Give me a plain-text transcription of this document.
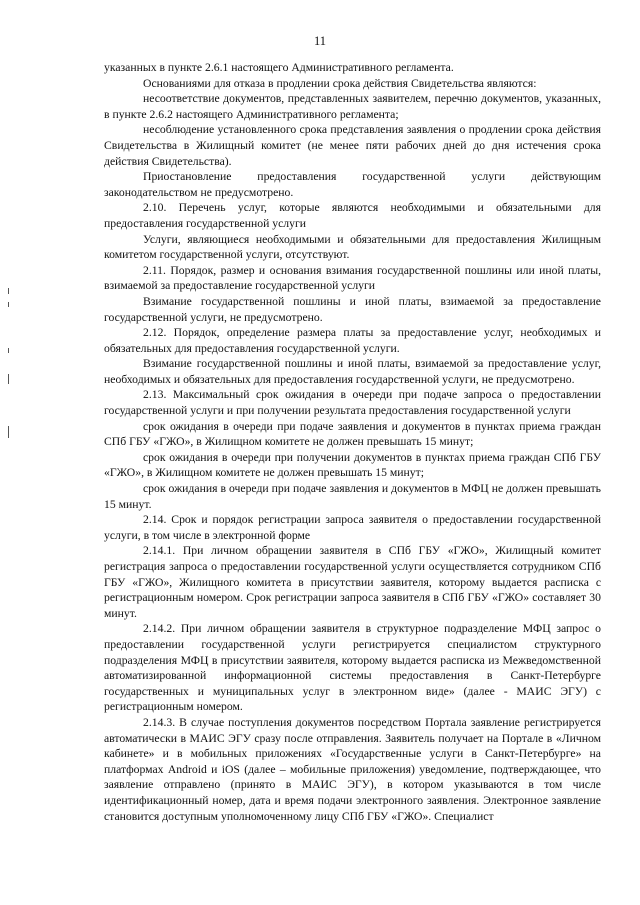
11

указанных в пункте 2.6.1 настоящего Административного регламента.

Основаниями для отказа в продлении срока действия Свидетельства являются:

несоответствие документов, представленных заявителем, перечню документов, указанных, в пункте 2.6.2 настоящего Административного регламента;

несоблюдение установленного срока представления заявления о продлении срока действия Свидетельства в Жилищный комитет (не менее пяти рабочих дней до дня истечения срока действия Свидетельства).

Приостановление предоставления государственной услуги действующим законодательством не предусмотрено.

2.10. Перечень услуг, которые являются необходимыми и обязательными для предоставления государственной услуги

Услуги, являющиеся необходимыми и обязательными для предоставления Жилищным комитетом государственной услуги, отсутствуют.

2.11. Порядок, размер и основания взимания государственной пошлины или иной платы, взимаемой за предоставление государственной услуги

Взимание государственной пошлины и иной платы, взимаемой за предоставление государственной услуги, не предусмотрено.

2.12. Порядок, определение размера платы за предоставление услуг, необходимых и обязательных для предоставления государственной услуги.

Взимание государственной пошлины и иной платы, взимаемой за предоставление услуг, необходимых и обязательных для предоставления государственной услуги, не предусмотрено.

2.13. Максимальный срок ожидания в очереди при подаче запроса о предоставлении государственной услуги и при получении результата предоставления государственной услуги

срок ожидания в очереди при подаче заявления и документов в пунктах приема граждан СПб ГБУ «ГЖО», в Жилищном комитете не должен превышать 15 минут;

срок ожидания в очереди при получении документов в пунктах приема граждан СПб ГБУ «ГЖО», в Жилищном комитете не должен превышать 15 минут;

срок ожидания в очереди при подаче заявления и документов в МФЦ не должен превышать 15 минут.

2.14. Срок и порядок регистрации запроса заявителя о предоставлении государственной услуги, в том числе в электронной форме

2.14.1. При личном обращении заявителя в СПб ГБУ «ГЖО», Жилищный комитет регистрация запроса о предоставлении государственной услуги осуществляется сотрудником СПб ГБУ «ГЖО», Жилищного комитета в присутствии заявителя, которому выдается расписка с регистрационным номером. Срок регистрации запроса заявителя в СПб ГБУ «ГЖО» составляет 30 минут.

2.14.2. При личном обращении заявителя в структурное подразделение МФЦ запрос о предоставлении государственной услуги регистрируется специалистом структурного подразделения МФЦ в присутствии заявителя, которому выдается расписка из Межведомственной автоматизированной информационной системы предоставления в Санкт-Петербурге государственных и муниципальных услуг в электронном виде» (далее - МАИС ЭГУ) с регистрационным номером.

2.14.3. В случае поступления документов посредством Портала заявление регистрируется автоматически в МАИС ЭГУ сразу после отправления. Заявитель получает на Портале в «Личном кабинете» и в мобильных приложениях «Государственные услуги в Санкт-Петербурге» на платформах Android и iOS (далее – мобильные приложения) уведомление, подтверждающее, что заявление отправлено (принято в МАИС ЭГУ), в котором указываются в том числе идентификационный номер, дата и время подачи электронного заявления. Электронное заявление становится доступным уполномоченному лицу СПб ГБУ «ГЖО». Специалист
